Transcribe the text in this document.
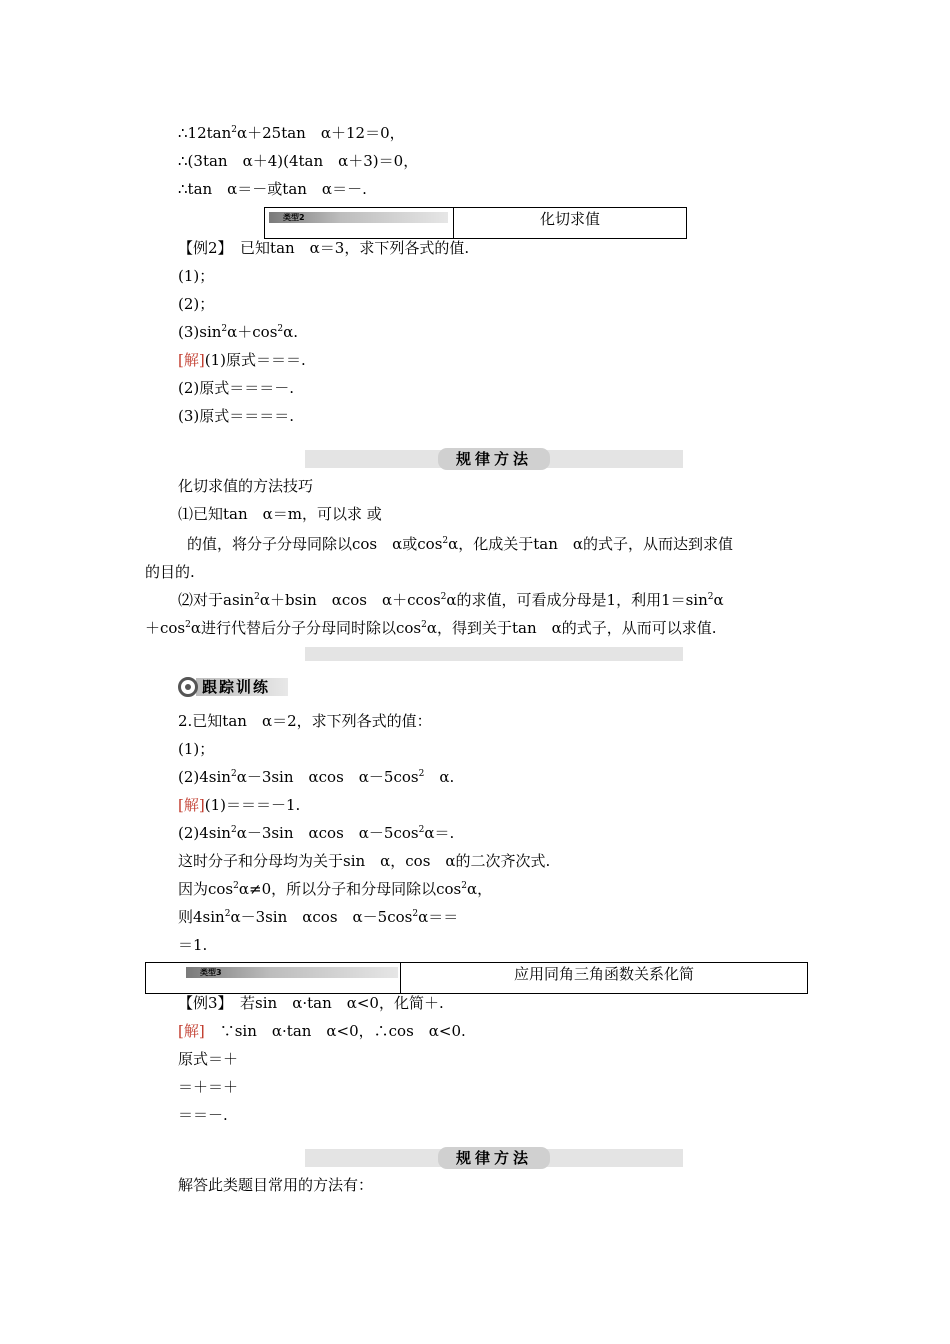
$\therefore 12\tan^2\alpha+25\tan$　α＋12＝0，
∴(3tan　α＋4)(4tan　α＋3)＝0，
∴tan　α＝－或tan　α＝－.
类型2	化切求值
【例2】　已知tan　α＝3，求下列各式的值.
(1)；
(2)；
$(3)\sin^2\alpha+\cos^2\alpha$.
[解](1)原式＝＝＝.
(2)原式＝＝＝－.
(3)原式＝＝＝＝.
规律方法
化切求值的方法技巧
⑴已知tan　α＝m，可以求 或
的值，将分子分母同除以cos　α或$\cos^2\alpha$，化成关于tan　α的式子，从而达到求值
的目的.
⑵对于asin$^2$α＋bsin　αcos　α＋ccos$^2$α的求值，可看成分母是1，利用$1=\sin^2\alpha$
$+\cos^2\alpha$进行代替后分子分母同时除以$\cos^2\alpha$，得到关于tan　α的式子，从而可以求值.
跟踪训练
2.已知tan　α＝2，求下列各式的值：
(1)；
$(2)4\sin^2\alpha-3\sin$　αcos　$\alpha-5\cos^2$　α.
[解](1)＝＝＝－1.
$(2)4\sin^2\alpha-3\sin$　αcos　$\alpha-5\cos^2\alpha=$.
这时分子和分母均为关于sin　α，cos　α的二次齐次式.
因为$\cos^2\alpha\ne 0$，所以分子和分母同除以$\cos^2\alpha$，
则$4\sin^2\alpha-3\sin$　αcos　$\alpha-5\cos^2\alpha==$
＝1.
类型3	应用同角三角函数关系化简
【例3】　若sin　α·tan　α<0，化简＋.
[解]　 ∵sin　α·tan　α<0，∴cos　α<0.
原式＝＋
＝＋＝＋
＝＝－.
规律方法
解答此类题目常用的方法有：
